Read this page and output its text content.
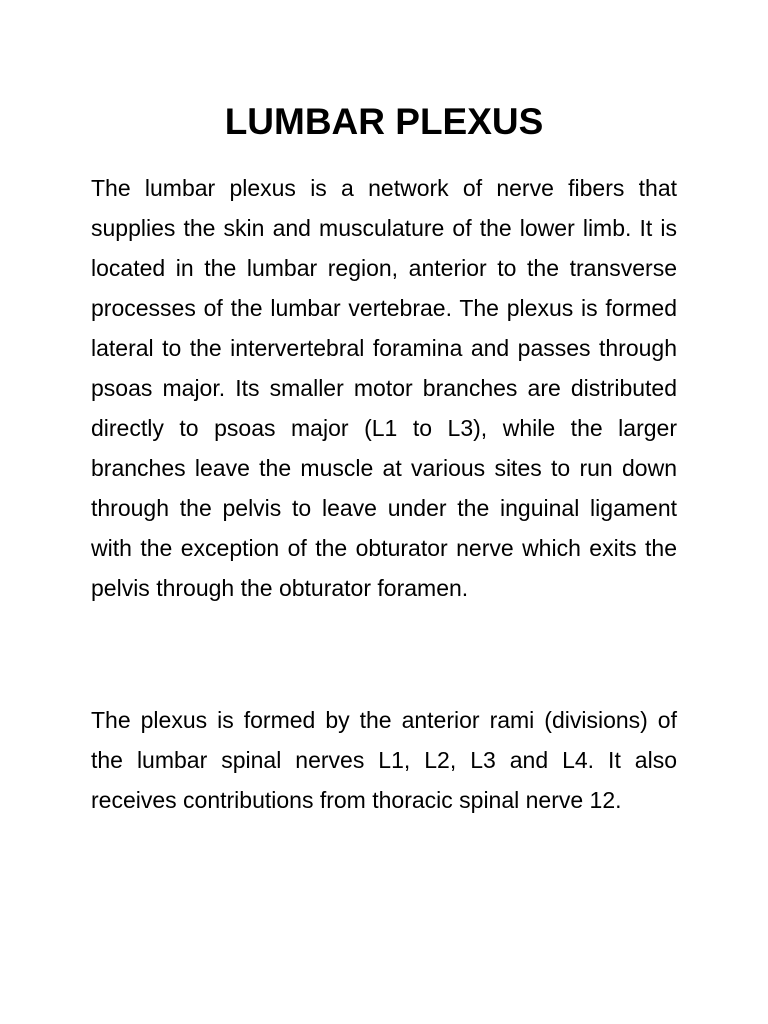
LUMBAR PLEXUS

The lumbar plexus is a network of nerve fibers that supplies the skin and musculature of the lower limb. It is located in the lumbar region, anterior to the transverse processes of the lumbar vertebrae. The plexus is formed lateral to the intervertebral foramina and passes through psoas major. Its smaller motor branches are distributed directly to psoas major (L1 to L3), while the larger branches leave the muscle at various sites to run down through the pelvis to leave under the inguinal ligament with the exception of the obturator nerve which exits the pelvis through the obturator foramen.

The plexus is formed by the anterior rami (divisions) of the lumbar spinal nerves L1, L2, L3 and L4. It also receives contributions from thoracic spinal nerve 12.
